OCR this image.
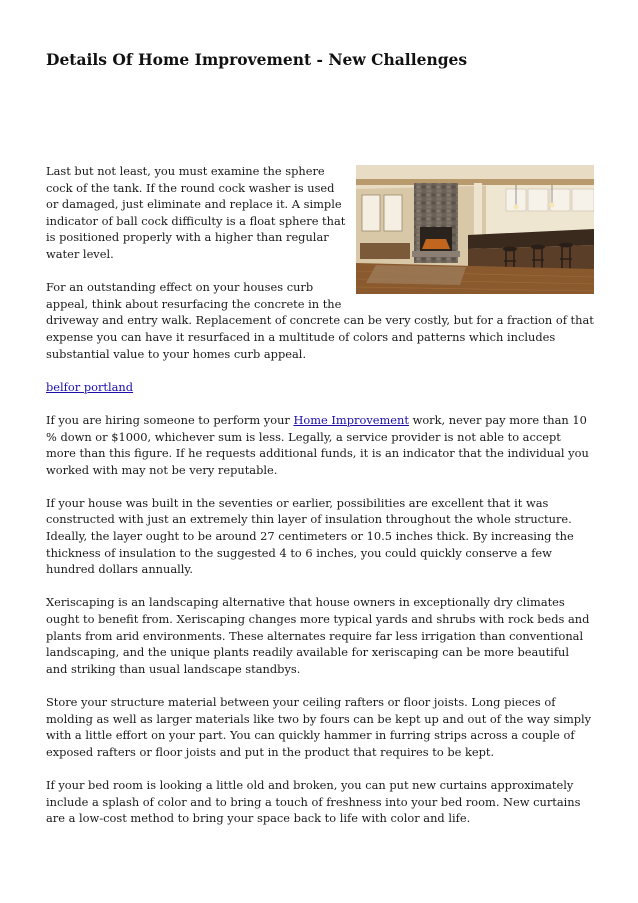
Details Of Home Improvement - New Challenges

Last but not least, you must examine the sphere cock of the tank. If the round cock washer is used or damaged, just eliminate and replace it. A simple indicator of ball cock difficulty is a float sphere that is positioned properly with a higher than regular water level.

For an outstanding effect on your houses curb appeal, think about resurfacing the concrete in the driveway and entry walk. Replacement of concrete can be very costly, but for a fraction of that expense you can have it resurfaced in a multitude of colors and patterns which includes substantial value to your homes curb appeal.

belfor portland

If you are hiring someone to perform your Home Improvement work, never pay more than 10 % down or $1000, whichever sum is less. Legally, a service provider is not able to accept more than this figure. If he requests additional funds, it is an indicator that the individual you worked with may not be very reputable.

If your house was built in the seventies or earlier, possibilities are excellent that it was constructed with just an extremely thin layer of insulation throughout the whole structure. Ideally, the layer ought to be around 27 centimeters or 10.5 inches thick. By increasing the thickness of insulation to the suggested 4 to 6 inches, you could quickly conserve a few hundred dollars annually.

Xeriscaping is an landscaping alternative that house owners in exceptionally dry climates ought to benefit from. Xeriscaping changes more typical yards and shrubs with rock beds and plants from arid environments. These alternates require far less irrigation than conventional landscaping, and the unique plants readily available for xeriscaping can be more beautiful and striking than usual landscape standbys.

Store your structure material between your ceiling rafters or floor joists. Long pieces of molding as well as larger materials like two by fours can be kept up and out of the way simply with a little effort on your part. You can quickly hammer in furring strips across a couple of exposed rafters or floor joists and put in the product that requires to be kept.

If your bed room is looking a little old and broken, you can put new curtains approximately include a splash of color and to bring a touch of freshness into your bed room. New curtains are a low-cost method to bring your space back to life with color and life.
